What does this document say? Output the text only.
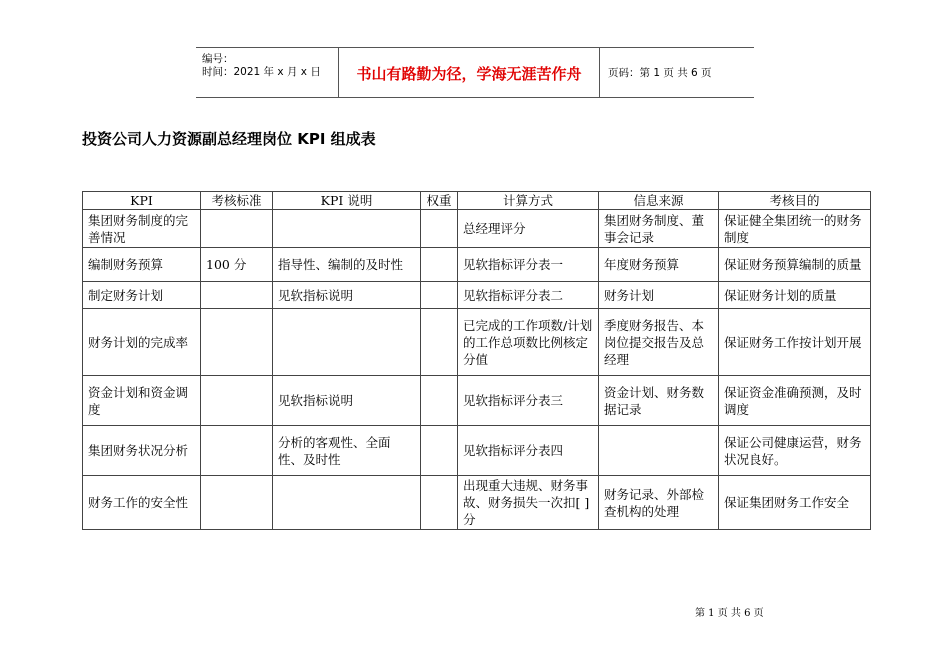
编号：
时间：2021 年 x 月 x 日	书山有路勤为径，学海无涯苦作舟	页码：第 1 页 共 6 页
投资公司人力资源副总经理岗位 KPI 组成表
KPI	考核标准	KPI 说明	权重	计算方式	信息来源	考核目的
集团财务制度的完善情况				总经理评分	集团财务制度、董事会记录	保证健全集团统一的财务制度
编制财务预算	100 分	指导性、编制的及时性		见软指标评分表一	年度财务预算	保证财务预算编制的质量
制定财务计划		见软指标说明		见软指标评分表二	财务计划	保证财务计划的质量
财务计划的完成率				已完成的工作项数/计划的工作总项数比例核定分值	季度财务报告、本岗位提交报告及总经理	保证财务工作按计划开展
资金计划和资金调度		见软指标说明		见软指标评分表三	资金计划、财务数据记录	保证资金准确预测，及时调度
集团财务状况分析		分析的客观性、全面性、及时性		见软指标评分表四		保证公司健康运营，财务状况良好。
财务工作的安全性				出现重大违规、财务事故、财务损失一次扣[ ]分	财务记录、外部检查机构的处理	保证集团财务工作安全
第 1 页 共 6 页
